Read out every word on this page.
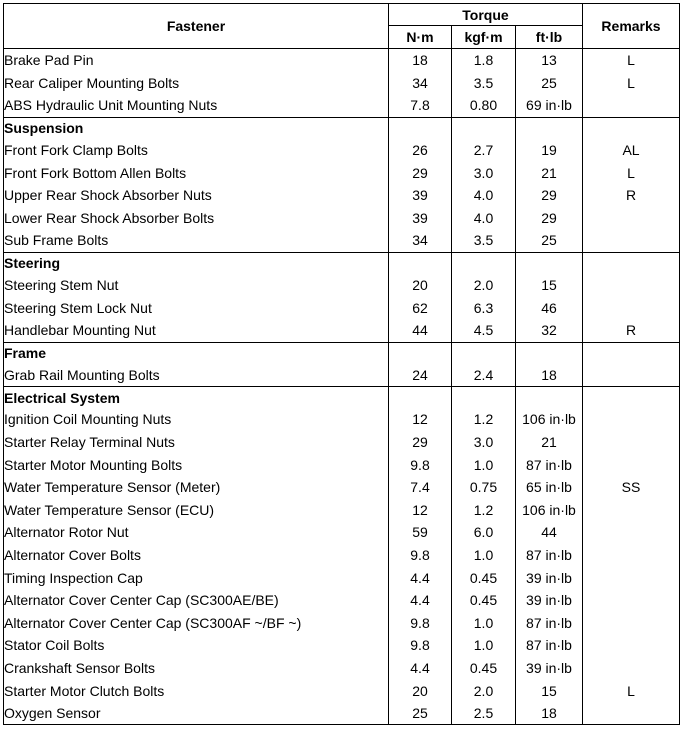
Fastener	Torque			Remarks
	N·m	kgf·m	ft·lb	
Brake Pad Pin	18	1.8	13	L
Rear Caliper Mounting Bolts	34	3.5	25	L
ABS Hydraulic Unit Mounting Nuts	7.8	0.80	69 in·lb	
Suspension				
Front Fork Clamp Bolts	26	2.7	19	AL
Front Fork Bottom Allen Bolts	29	3.0	21	L
Upper Rear Shock Absorber Nuts	39	4.0	29	R
Lower Rear Shock Absorber Bolts	39	4.0	29	
Sub Frame Bolts	34	3.5	25	
Steering				
Steering Stem Nut	20	2.0	15	
Steering Stem Lock Nut	62	6.3	46	
Handlebar Mounting Nut	44	4.5	32	R
Frame				
Grab Rail Mounting Bolts	24	2.4	18	
Electrical System				
Ignition Coil Mounting Nuts	12	1.2	106 in·lb	
Starter Relay Terminal Nuts	29	3.0	21	
Starter Motor Mounting Bolts	9.8	1.0	87 in·lb	
Water Temperature Sensor (Meter)	7.4	0.75	65 in·lb	SS
Water Temperature Sensor (ECU)	12	1.2	106 in·lb	
Alternator Rotor Nut	59	6.0	44	
Alternator Cover Bolts	9.8	1.0	87 in·lb	
Timing Inspection Cap	4.4	0.45	39 in·lb	
Alternator Cover Center Cap (SC300AE/BE)	4.4	0.45	39 in·lb	
Alternator Cover Center Cap (SC300AF ~/BF ~)	9.8	1.0	87 in·lb	
Stator Coil Bolts	9.8	1.0	87 in·lb	
Crankshaft Sensor Bolts	4.4	0.45	39 in·lb	
Starter Motor Clutch Bolts	20	2.0	15	L
Oxygen Sensor	25	2.5	18	
